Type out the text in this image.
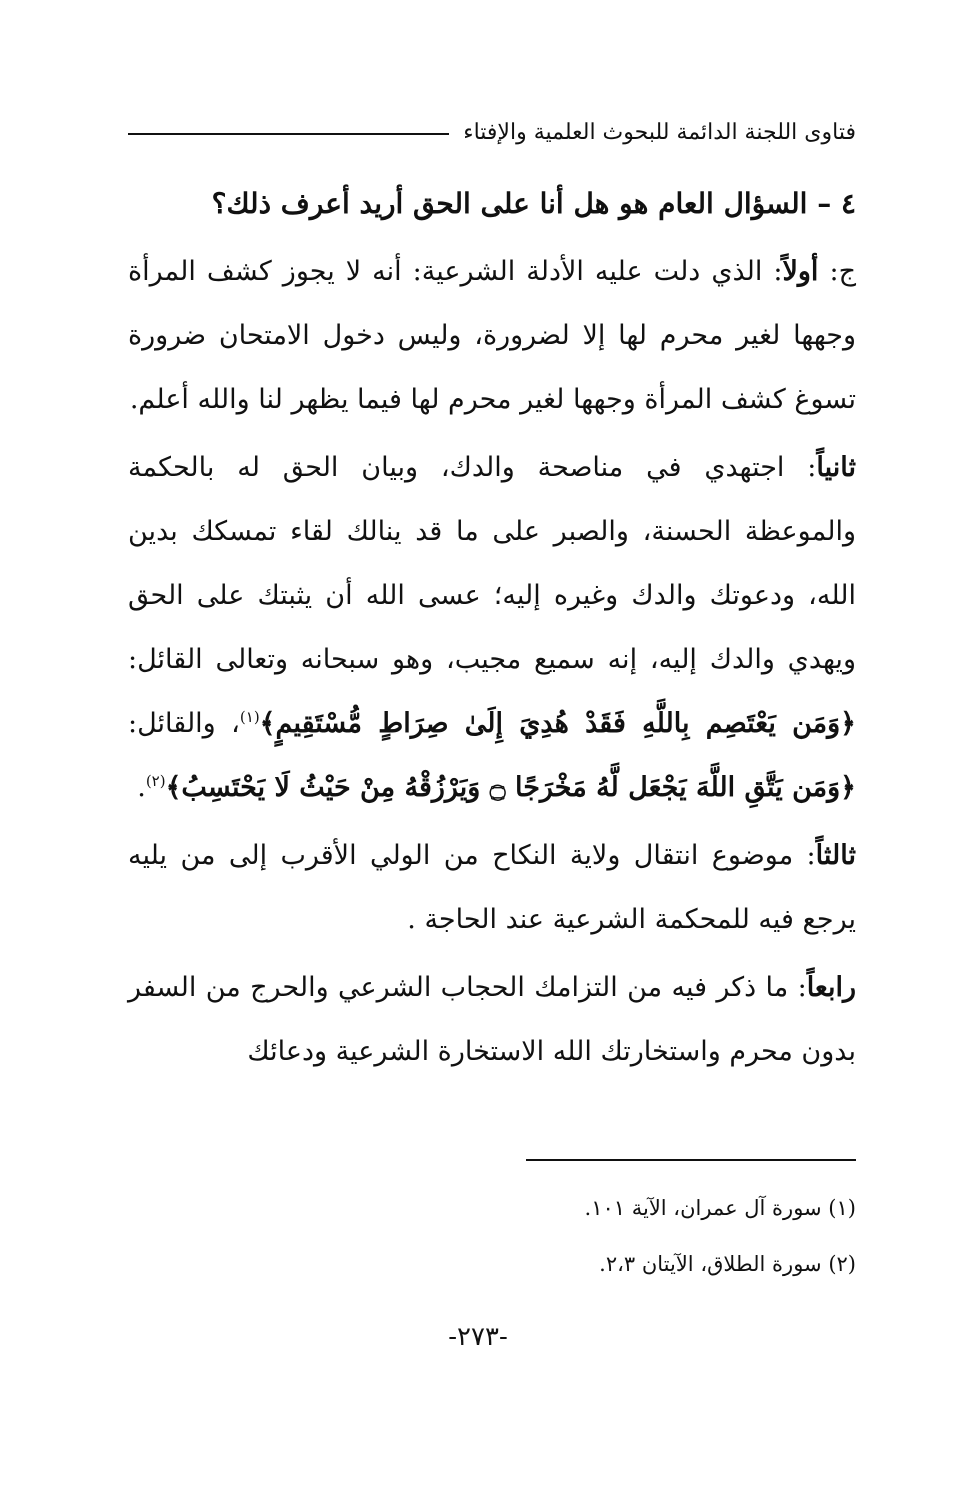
فتاوى اللجنة الدائمة للبحوث العلمية والإفتاء

٤ – السؤال العام هو هل أنا على الحق أريد أعرف ذلك؟

ج: أولاً: الذي دلت عليه الأدلة الشرعية: أنه لا يجوز كشف المرأة وجهها لغير محرم لها إلا لضرورة، وليس دخول الامتحان ضرورة تسوغ كشف المرأة وجهها لغير محرم لها فيما يظهر لنا والله أعلم.

ثانياً: اجتهدي في مناصحة والدك، وبيان الحق له بالحكمة والموعظة الحسنة، والصبر على ما قد ينالك لقاء تمسكك بدين الله، ودعوتك والدك وغيره إليه؛ عسى الله أن يثبتك على الحق ويهدي والدك إليه، إنه سميع مجيب، وهو سبحانه وتعالى القائل: ﴿وَمَن يَعْتَصِم بِاللَّهِ فَقَدْ هُدِيَ إِلَىٰ صِرَاطٍ مُّسْتَقِيمٍ﴾$^{(١)}$، والقائل: ﴿وَمَن يَتَّقِ اللَّهَ يَجْعَل لَّهُ مَخْرَجًا ۝ وَيَرْزُقْهُ مِنْ حَيْثُ لَا يَحْتَسِبُ﴾$^{(٢)}$.

ثالثاً: موضوع انتقال ولاية النكاح من الولي الأقرب إلى من يليه يرجع فيه للمحكمة الشرعية عند الحاجة .

رابعاً: ما ذكر فيه من التزامك الحجاب الشرعي والحرج من السفر بدون محرم واستخارتك الله الاستخارة الشرعية ودعائك

(١) سورة آل عمران، الآية ١٠١.
(٢) سورة الطلاق، الآيتان ٢،٣.
-٢٧٣-
